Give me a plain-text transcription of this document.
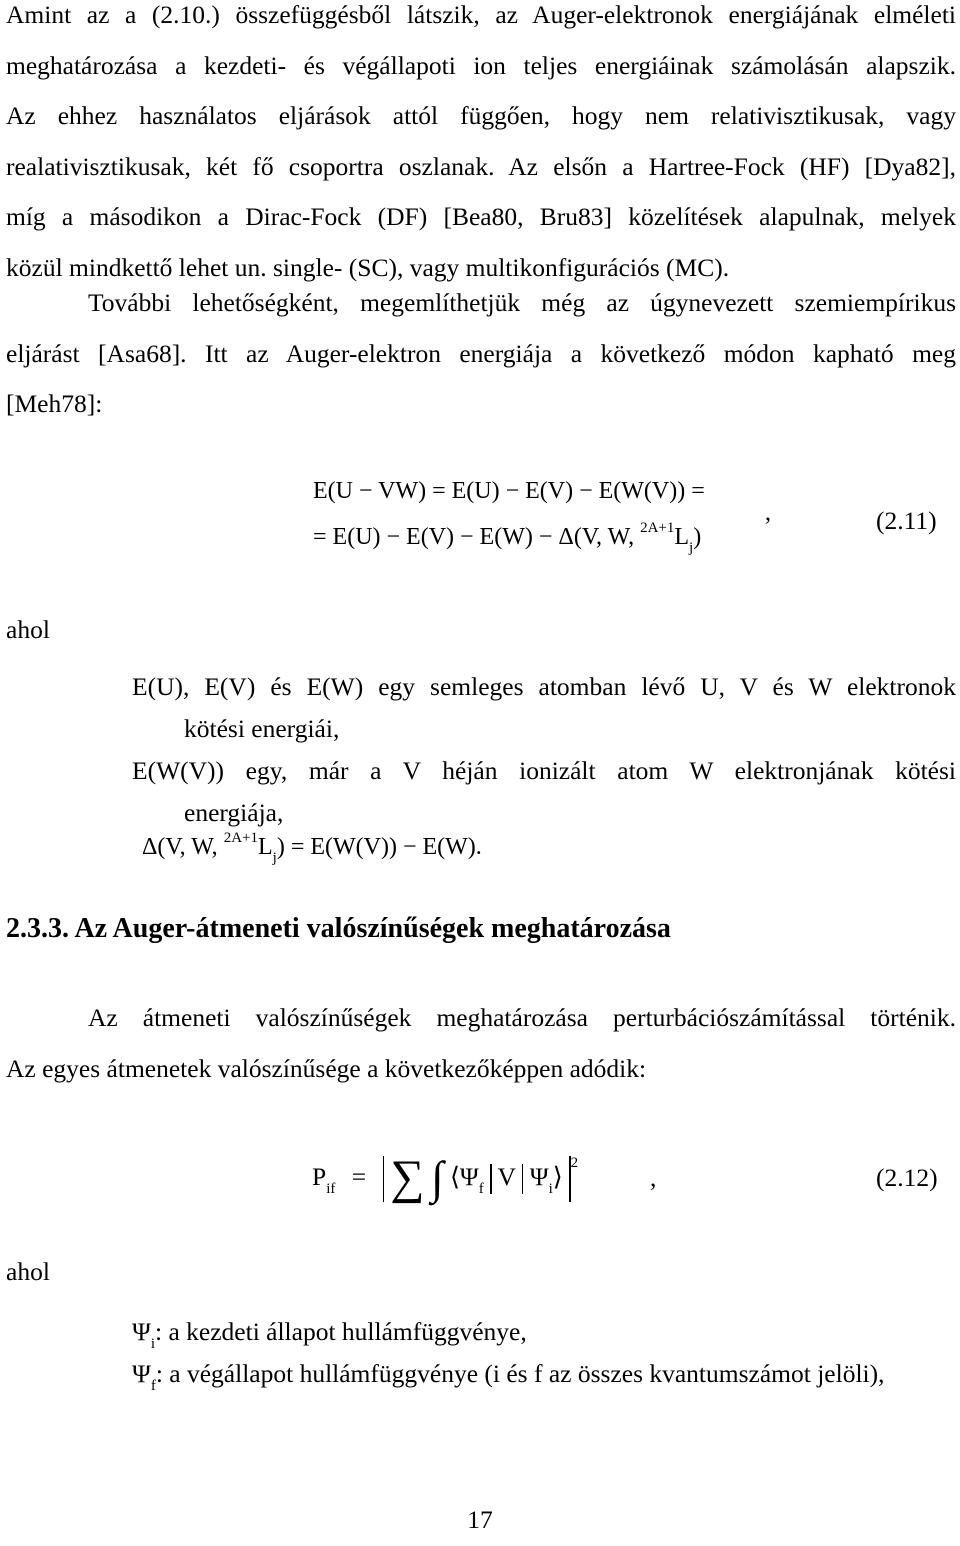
Amint az a (2.10.) összefüggésből látszik, az Auger-elektronok energiájának elméleti
meghatározása a kezdeti- és végállapoti ion teljes energiáinak számolásán alapszik.
Az ehhez használatos eljárások attól függően, hogy nem relativisztikusak, vagy
realativisztikusak, két fő csoportra oszlanak. Az elsőn a Hartree-Fock (HF) [Dya82],
míg a másodikon a Dirac-Fock (DF) [Bea80, Bru83] közelítések alapulnak, melyek
közül mindkettő lehet un. single- (SC), vagy multikonfigurációs (MC).
További lehetőségként, megemlíthetjük még az úgynevezett szemiempírikus
eljárást [Asa68]. Itt az Auger-elektron energiája a következő módon kapható meg
[Meh78]:
E(U − VW) = E(U) − E(V) − E(W(V)) =
= E(U) − E(V) − E(W) − Δ(V, W, $^{2A+1}L_j$)
,	(2.11)
ahol
E(U), E(V) és E(W) egy semleges atomban lévő U, V és W elektronok
kötési energiái,
E(W(V)) egy, már a V héján ionizált atom W elektronjának kötési
energiája,
Δ(V, W, $^{2A+1}L_j) = E(W(V)) - E(W)$.
2.3.3. Az Auger-átmeneti valószínűségek meghatározása
Az átmeneti valószínűségek meghatározása perturbációszámítással történik.
Az egyes átmenetek valószínűsége a következőképpen adódik:
$P_{if}$ = ∑ ∫ $⟨\Psi_f$ V $\Psi_i⟩$ $^2$	,	(2.12)
ahol
$\Psi_i$: a kezdeti állapot hullámfüggvénye,
$\Psi_f$: a végállapot hullámfüggvénye (i és f az összes kvantumszámot jelöli),
17
